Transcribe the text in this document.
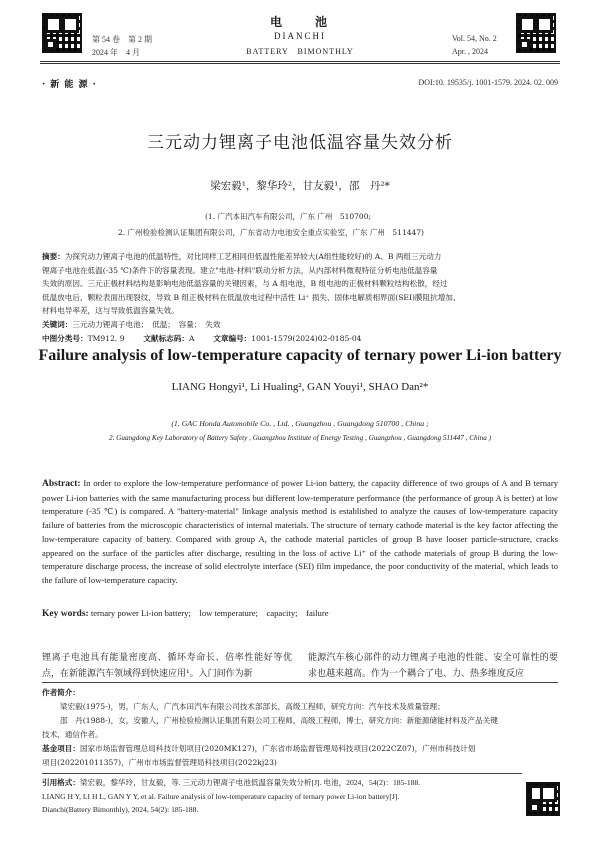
第 54 卷　第 2 期
2024 年　4 月
电　　池
DIANCHI
BATTERY　BIMONTHLY
Vol. 54, No. 2
Apr. , 2024
· 新 能 源 ·	DOI:10. 19535/j. 1001-1579. 2024. 02. 009
三元动力锂离子电池低温容量失效分析
梁宏毅¹，黎华玲²，甘友毅¹，邵　丹²*
(1. 广汽本田汽车有限公司，广东 广州　510700;
2. 广州检验检测认证集团有限公司，广东省动力电池安全重点实验室，广东 广州　511447)
摘要：为探究动力锂离子电池的低温特性，对比同样工艺相同但低温性能差异较大(A组性能较好)的 A、B 两组三元动力
锂离子电池在低温(-35 ℃)条件下的容量表现。建立"电池-材料"联动分析方法，从内部材料微观特征分析电池低温容量
失效的原因。三元正极材料结构是影响电池低温容量的关键因素，与 A 组电池，B 组电池的正极材料颗粒结构松散，经过
低温放电后，颗粒表面出现裂纹，导致 B 组正极材料在低温放电过程中活性 Li⁺ 损失、固体电解质相界面(SEI)膜阻抗增加、
材料电导率差，这与导致低温容量失效。
关键词：三元动力锂离子电池；　低温；　容量；　失效
中图分类号：TM912. 9 文献标志码：A 文章编号：1001-1579(2024)02-0185-04
Failure analysis of low-temperature capacity of ternary power Li-ion battery
LIANG Hongyi¹, Li Hualing², GAN Youyi¹, SHAO Dan²*
(1. GAC Honda Automobile Co. , Ltd. , Guangzhou , Guangdong 510700 , China ;
2. Guangdong Key Laboratory of Battery Safety , Guangzhou Institute of Energy Testing , Guangzhou , Guangdong 511447 , China )
Abstract: In order to explore the low-temperature performance of power Li-ion battery, the capacity difference of two groups of A and B ternary power Li-ion batteries with the same manufacturing process but different low-temperature performance (the performance of group A is better) at low temperature (-35 ℃) is compared. A "battery-material" linkage analysis method is established to analyze the causes of low-temperature capacity failure of batteries from the microscopic characteristics of internal materials. The structure of ternary cathode material is the key factor affecting the low-temperature capacity of battery. Compared with group A, the cathode material particles of group B have looser particle-structure, cracks appeared on the surface of the particles after discharge, resulting in the loss of active Li⁺ of the cathode materials of group B during the low-temperature discharge process, the increase of solid electrolyte interface (SEI) film impedance, the poor conductivity of the material, which leads to the failure of low-temperature capacity.
Key words: ternary power Li-ion battery;　low temperature;　capacity;　failure
锂离子电池具有能量密度高、循环寿命长、倍率性能好等优点，在新能源汽车领域得到快速应用¹。入门间作为新
能源汽车核心部件的动力锂离子电池的性能、安全可靠性的要求也越来越高。作为一个耦合了电、力、热多维度反应
作者简介：
梁宏毅(1975-)，男，广东人，广汽本田汽车有限公司技术部部长，高级工程师，研究方向：汽车技术及质量管理；
邵　丹(1988-)，女，安徽人，广州检验检测认证集团有限公司工程师，高级工程师，博士，研究方向：新能源储能材料及产品关键
技术，通信作者。
基金项目：国家市场监督管理总局科技计划项目(2020MK127)，广东省市场监督管理局科技项目(2022CZ07)，广州市科技计划
项目(202201011357)，广州市市场监督管理局科技项目(2022kj23)
引用格式：梁宏毅，黎华玲，甘友毅，等. 三元动力锂离子电池低温容量失效分析[J]. 电池，2024，54(2)：185-188.
LIANG H Y, LI H L, GAN Y Y, et al. Failure analysis of low-temperature capacity of ternary power Li-ion battery[J].
Dianchi(Battery Bimonthly), 2024, 54(2): 185-188.
